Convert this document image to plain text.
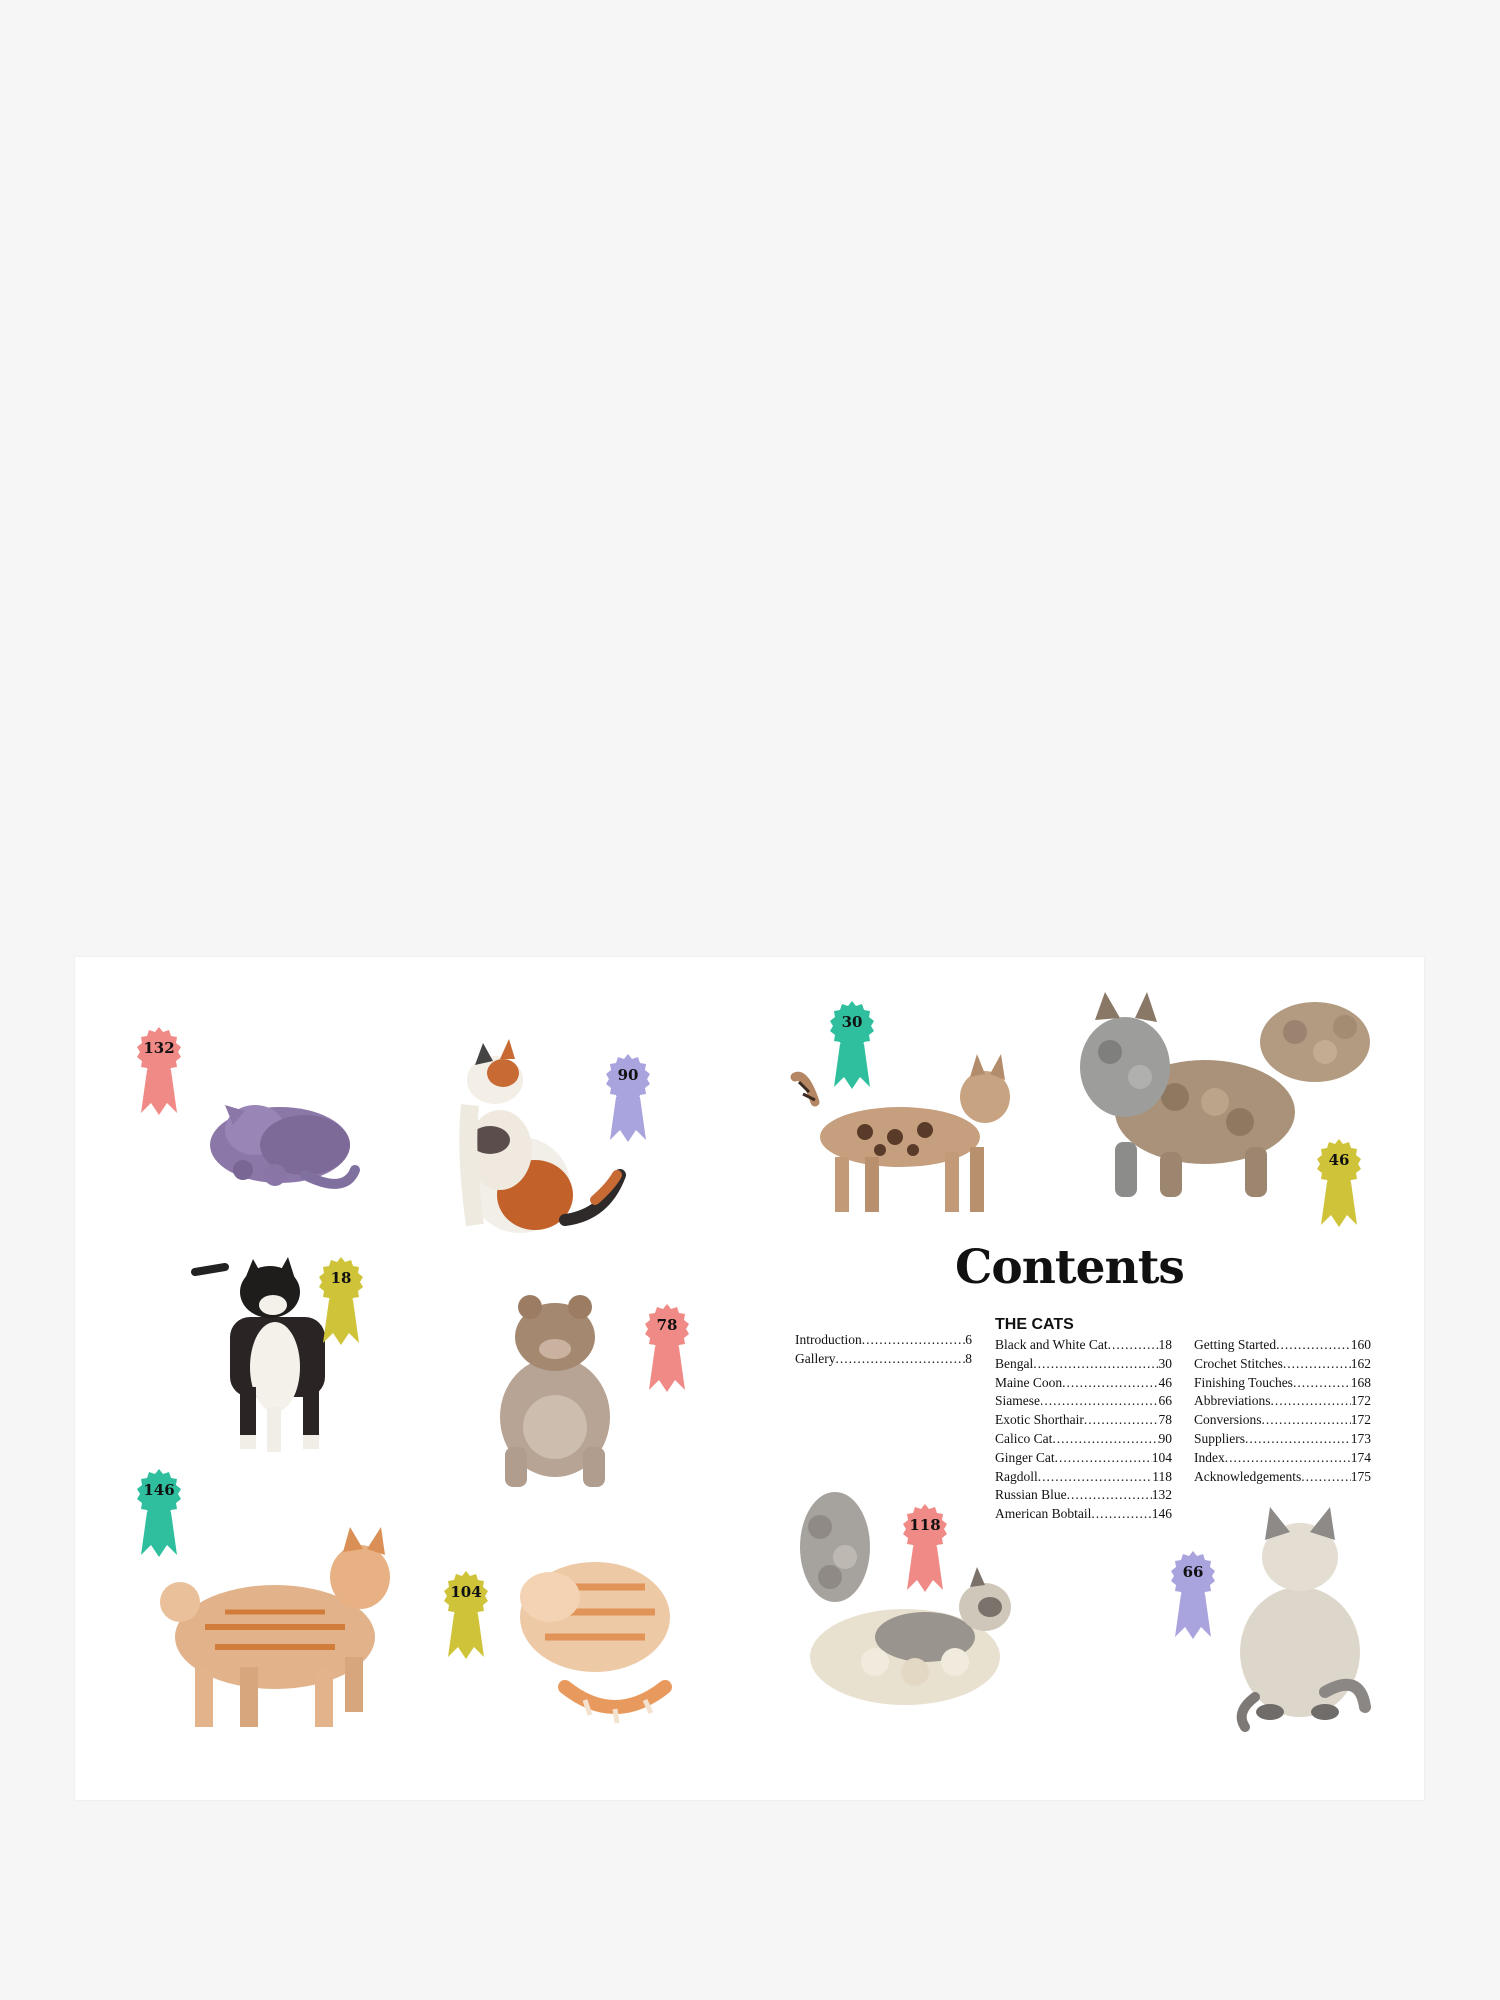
132
90
30
46
18
78
146
104
118
66
Contents
Introduction .....	6
Gallery .....	8
THE CATS
Black and White Cat .....	18
Bengal .....	30
Maine Coon .....	46
Siamese .....	66
Exotic Shorthair .....	78
Calico Cat .....	90
Ginger Cat .....	104
Ragdoll .....	118
Russian Blue .....	132
American Bobtail .....	146
Getting Started .....	160
Crochet Stitches .....	162
Finishing Touches .....	168
Abbreviations .....	172
Conversions .....	172
Suppliers .....	173
Index .....	174
Acknowledgements .....	175
